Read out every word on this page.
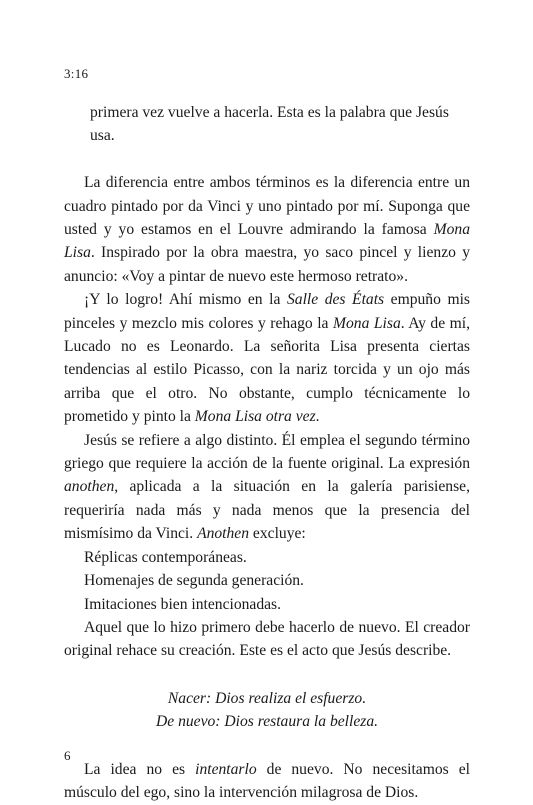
3:16

primera vez vuelve a hacerla. Esta es la palabra que Jesús usa.

La diferencia entre ambos términos es la diferencia entre un cuadro pintado por da Vinci y uno pintado por mí. Suponga que usted y yo estamos en el Louvre admirando la famosa Mona Lisa. Inspirado por la obra maestra, yo saco pincel y lienzo y anuncio: «Voy a pintar de nuevo este hermoso retrato».

¡Y lo logro! Ahí mismo en la Salle des États empuño mis pinceles y mezclo mis colores y rehago la Mona Lisa. Ay de mí, Lucado no es Leonardo. La señorita Lisa presenta ciertas tendencias al estilo Picasso, con la nariz torcida y un ojo más arriba que el otro. No obstante, cumplo técnicamente lo prometido y pinto la Mona Lisa otra vez.

Jesús se refiere a algo distinto. Él emplea el segundo término griego que requiere la acción de la fuente original. La expresión anothen, aplicada a la situación en la galería parisiense, requeriría nada más y nada menos que la presencia del mismísimo da Vinci. Anothen excluye:

Réplicas contemporáneas.

Homenajes de segunda generación.

Imitaciones bien intencionadas.

Aquel que lo hizo primero debe hacerlo de nuevo. El creador original rehace su creación. Este es el acto que Jesús describe.

Nacer: Dios realiza el esfuerzo.
De nuevo: Dios restaura la belleza.

La idea no es intentarlo de nuevo. No necesitamos el músculo del ego, sino la intervención milagrosa de Dios.

6
